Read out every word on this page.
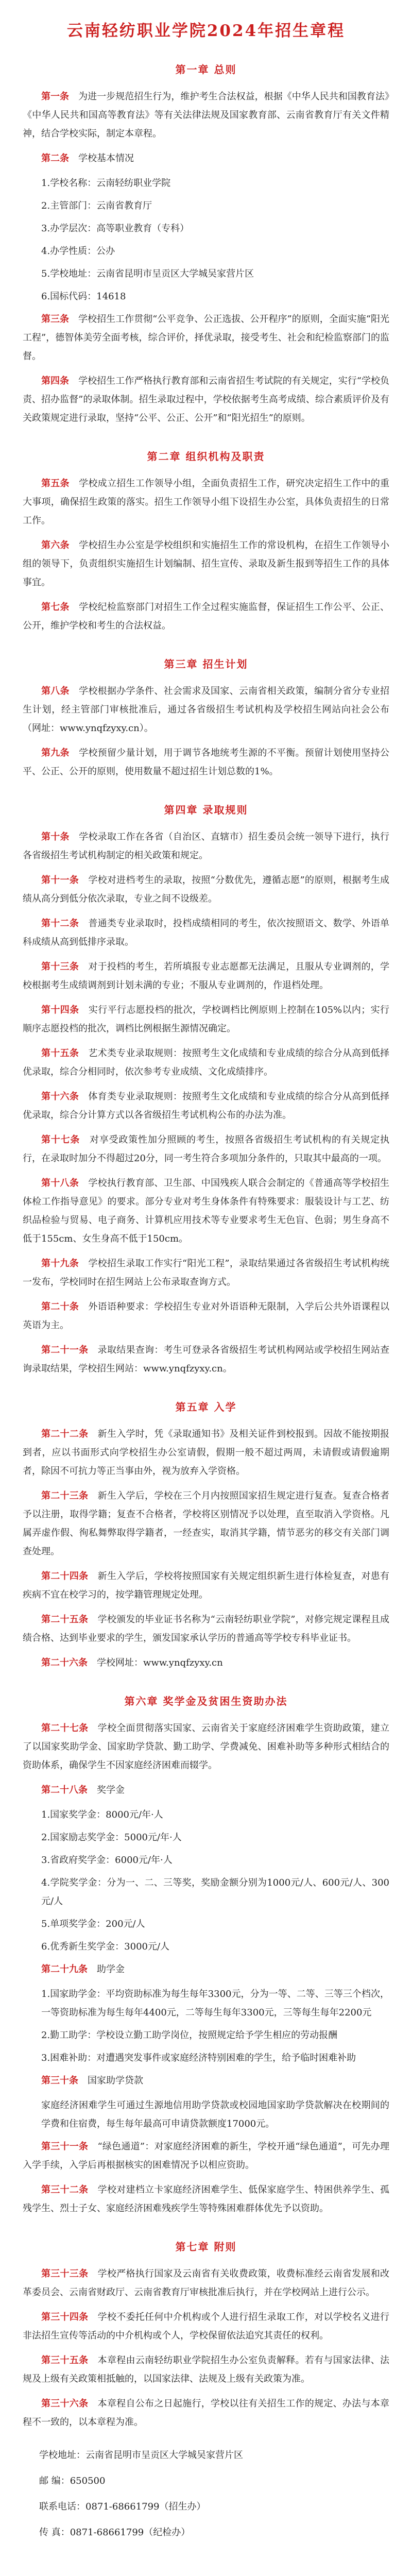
云南轻纺职业学院2024年招生章程
第一章 总则
第一条　 为进一步规范招生行为，维护考生合法权益，根据《中华人民共和国教育法》《中华人民共和国高等教育法》等有关法律法规及国家教育部、云南省教育厅有关文件精神，结合学校实际，制定本章程。
第二条　 学校基本情况
1.学校名称：云南轻纺职业学院
2.主管部门：云南省教育厅
3.办学层次：高等职业教育（专科）
4.办学性质：公办
5.学校地址：云南省昆明市呈贡区大学城吴家营片区
6.国标代码：14618
第三条　 学校招生工作贯彻“公平竞争、公正选拔、公开程序”的原则，全面实施“阳光工程”，德智体美劳全面考核，综合评价，择优录取，接受考生、社会和纪检监察部门的监督。
第四条　 学校招生工作严格执行教育部和云南省招生考试院的有关规定，实行“学校负责、招办监督”的录取体制。招生录取过程中，学校依据考生高考成绩、综合素质评价及有关政策规定进行录取，坚持“公平、公正、公开”和“阳光招生”的原则。
第二章 组织机构及职责
第五条　 学校成立招生工作领导小组，全面负责招生工作，研究决定招生工作中的重大事项，确保招生政策的落实。招生工作领导小组下设招生办公室，具体负责招生的日常工作。
第六条　 学校招生办公室是学校组织和实施招生工作的常设机构，在招生工作领导小组的领导下，负责组织实施招生计划编制、招生宣传、录取及新生报到等招生工作的具体事宜。
第七条　 学校纪检监察部门对招生工作全过程实施监督，保证招生工作公平、公正、公开，维护学校和考生的合法权益。
第三章 招生计划
第八条　 学校根据办学条件、社会需求及国家、云南省相关政策，编制分省分专业招生计划，经主管部门审核批准后，通过各省级招生考试机构及学校招生网站向社会公布（网址：www.ynqfzyxy.cn）。
第九条　 学校预留少量计划，用于调节各地统考生源的不平衡。预留计划使用坚持公平、公正、公开的原则，使用数量不超过招生计划总数的1%。
第四章 录取规则
第十条　 学校录取工作在各省（自治区、直辖市）招生委员会统一领导下进行，执行各省级招生考试机构制定的相关政策和规定。
第十一条　 学校对进档考生的录取，按照“分数优先，遵循志愿”的原则，根据考生成绩从高分到低分依次录取，专业之间不设级差。
第十二条　 普通类专业录取时，投档成绩相同的考生，依次按照语文、数学、外语单科成绩从高到低排序录取。
第十三条　 对于投档的考生，若所填报专业志愿都无法满足，且服从专业调剂的，学校根据考生成绩调剂到计划未满的专业；不服从专业调剂的，作退档处理。
第十四条　 实行平行志愿投档的批次，学校调档比例原则上控制在105%以内；实行顺序志愿投档的批次，调档比例根据生源情况确定。
第十五条　 艺术类专业录取规则：按照考生文化成绩和专业成绩的综合分从高到低择优录取，综合分相同时，依次参考专业成绩、文化成绩排序。
第十六条　 体育类专业录取规则：按照考生文化成绩和专业成绩的综合分从高到低择优录取，综合分计算方式以各省级招生考试机构公布的办法为准。
第十七条　 对享受政策性加分照顾的考生，按照各省级招生考试机构的有关规定执行，在录取时加分不得超过20分，同一考生符合多项加分条件的，只取其中最高的一项。
第十八条　 学校执行教育部、卫生部、中国残疾人联合会制定的《普通高等学校招生体检工作指导意见》的要求。部分专业对考生身体条件有特殊要求：服装设计与工艺、纺织品检验与贸易、电子商务、计算机应用技术等专业要求考生无色盲、色弱；男生身高不低于155cm、女生身高不低于150cm。
第十九条　 学校招生录取工作实行“阳光工程”，录取结果通过各省级招生考试机构统一发布，学校同时在招生网站上公布录取查询方式。
第二十条　 外语语种要求：学校招生专业对外语语种无限制，入学后公共外语课程以英语为主。
第二十一条　 录取结果查询：考生可登录各省级招生考试机构网站或学校招生网站查询录取结果，学校招生网站：www.ynqfzyxy.cn。
第五章 入学
第二十二条　 新生入学时，凭《录取通知书》及相关证件到校报到。因故不能按期报到者，应以书面形式向学校招生办公室请假，假期一般不超过两周，未请假或请假逾期者，除因不可抗力等正当事由外，视为放弃入学资格。
第二十三条　 新生入学后，学校在三个月内按照国家招生规定进行复查。复查合格者予以注册，取得学籍；复查不合格者，学校将区别情况予以处理，直至取消入学资格。凡属弄虚作假、徇私舞弊取得学籍者，一经查实，取消其学籍，情节恶劣的移交有关部门调查处理。
第二十四条　 新生入学后，学校将按照国家有关规定组织新生进行体检复查，对患有疾病不宜在校学习的，按学籍管理规定处理。
第二十五条　 学校颁发的毕业证书名称为“云南轻纺职业学院”，对修完规定课程且成绩合格、达到毕业要求的学生，颁发国家承认学历的普通高等学校专科毕业证书。
第二十六条　 学校网址：www.ynqfzyxy.cn
第六章 奖学金及贫困生资助办法
第二十七条　 学校全面贯彻落实国家、云南省关于家庭经济困难学生资助政策，建立了以国家奖助学金、国家助学贷款、勤工助学、学费减免、困难补助等多种形式相结合的资助体系，确保学生不因家庭经济困难而辍学。
第二十八条　 奖学金
1.国家奖学金：8000元/年·人
2.国家励志奖学金：5000元/年·人
3.省政府奖学金：6000元/年·人
4.学院奖学金：分为一、二、三等奖，奖励金额分别为1000元/人、600元/人、300元/人
5.单项奖学金：200元/人
6.优秀新生奖学金：3000元/人
第二十九条　 助学金
1.国家助学金：平均资助标准为每生每年3300元，分为一等、二等、三等三个档次，一等资助标准为每生每年4400元，二等每生每年3300元，三等每生每年2200元
2.勤工助学：学校设立勤工助学岗位，按照规定给予学生相应的劳动报酬
3.困难补助：对遭遇突发事件或家庭经济特别困难的学生，给予临时困难补助
第三十条　 国家助学贷款
家庭经济困难学生可通过生源地信用助学贷款或校园地国家助学贷款解决在校期间的学费和住宿费，每生每年最高可申请贷款额度17000元。
第三十一条　 “绿色通道”：对家庭经济困难的新生，学校开通“绿色通道”，可先办理入学手续，入学后再根据核实的困难情况予以相应资助。
第三十二条　 学校对建档立卡家庭经济困难学生、低保家庭学生、特困供养学生、孤残学生、烈士子女、家庭经济困难残疾学生等特殊困难群体优先予以资助。
第七章 附则
第三十三条　 学校严格执行国家及云南省有关收费政策，收费标准经云南省发展和改革委员会、云南省财政厅、云南省教育厅审核批准后执行，并在学校网站上进行公示。
第三十四条　 学校不委托任何中介机构或个人进行招生录取工作，对以学校名义进行非法招生宣传等活动的中介机构或个人，学校保留依法追究其责任的权利。
第三十五条　 本章程由云南轻纺职业学院招生办公室负责解释。若有与国家法律、法规及上级有关政策相抵触的，以国家法律、法规及上级有关政策为准。
第三十六条　 本章程自公布之日起施行，学校以往有关招生工作的规定、办法与本章程不一致的，以本章程为准。
学校地址：云南省昆明市呈贡区大学城吴家营片区
邮 编：650500
联系电话：0871-68661799（招生办）
传 真：0871-68661799（纪检办）
